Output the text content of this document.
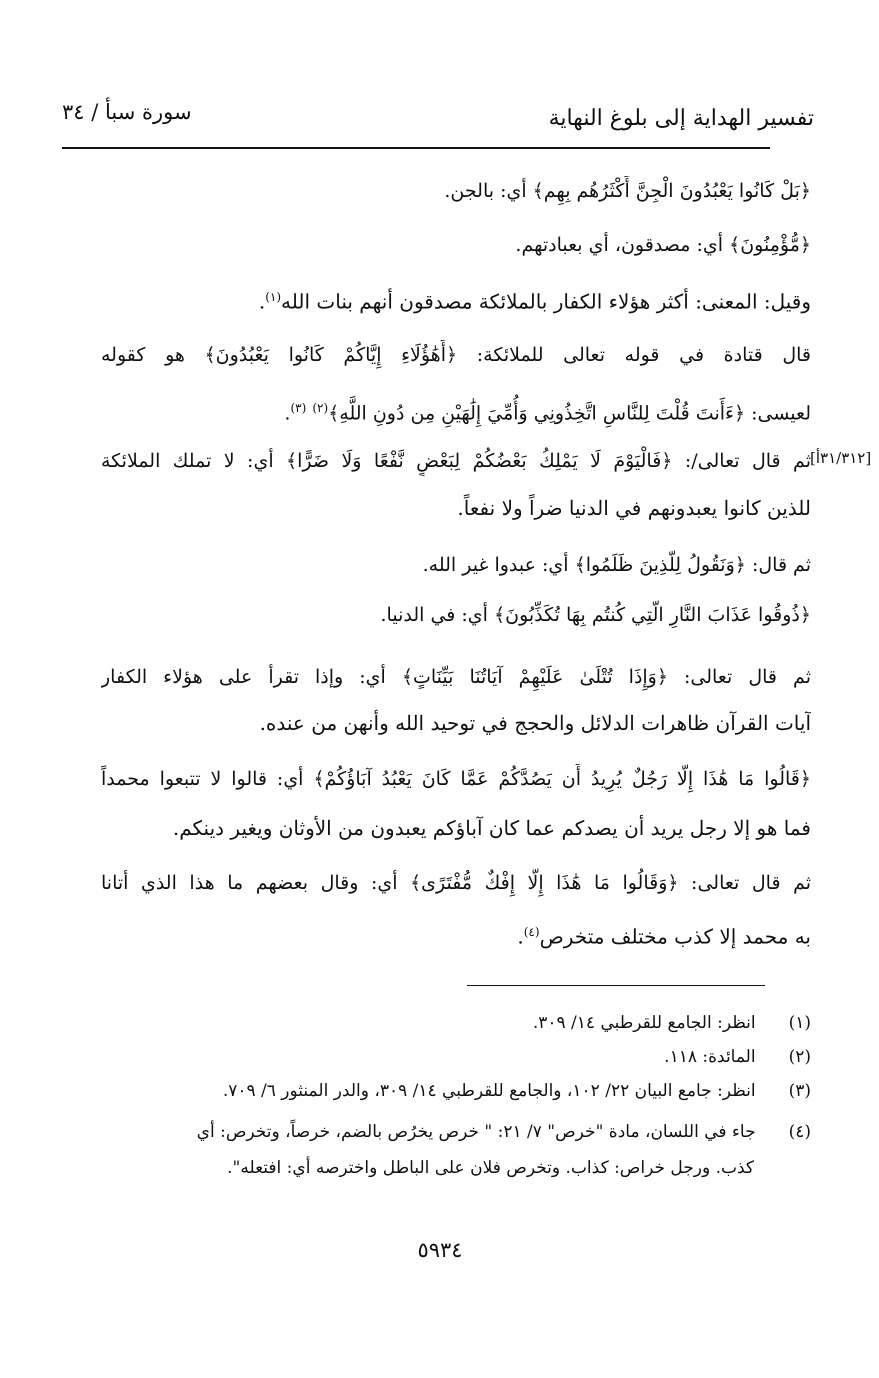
سورة سبأ / ٣٤	تفسير الهداية إلى بلوغ النهاية
[٣١/٣١٢أ]
﴿بَلْ كَانُوا يَعْبُدُونَ الْجِنَّ أَكْثَرُهُم بِهِم﴾ أي: بالجن.
﴿مُّؤْمِنُونَ﴾ أي: مصدقون، أي بعبادتهم.
وقيل: المعنى: أكثر هؤلاء الكفار بالملائكة مصدقون أنهم بنات الله$^{(١)}$.
قال قتادة في قوله تعالى للملائكة: ﴿أَهَٰؤُلَاءِ إِيَّاكُمْ كَانُوا يَعْبُدُونَ﴾ هو كقوله
لعيسى: ﴿ءَأَنتَ قُلْتَ لِلنَّاسِ اتَّخِذُونِي وَأُمِّيَ إِلَٰهَيْنِ مِن دُونِ اللَّهِ﴾$^{(٢)}$ $^{(٣)}$.
ثم قال تعالى/: ﴿فَالْيَوْمَ لَا يَمْلِكُ بَعْضُكُمْ لِبَعْضٍ نَّفْعًا وَلَا ضَرًّا﴾ أي: لا تملك الملائكة
للذين كانوا يعبدونهم في الدنيا ضراً ولا نفعاً.
ثم قال: ﴿وَنَقُولُ لِلَّذِينَ ظَلَمُوا﴾ أي: عبدوا غير الله.
﴿ذُوقُوا عَذَابَ النَّارِ الَّتِي كُنتُم بِهَا تُكَذِّبُونَ﴾ أي: في الدنيا.
ثم قال تعالى: ﴿وَإِذَا تُتْلَىٰ عَلَيْهِمْ آيَاتُنَا بَيِّنَاتٍ﴾ أي: وإذا تقرأ على هؤلاء الكفار
آيات القرآن ظاهرات الدلائل والحجج في توحيد الله وأنهن من عنده.
﴿قَالُوا مَا هَٰذَا إِلَّا رَجُلٌ يُرِيدُ أَن يَصُدَّكُمْ عَمَّا كَانَ يَعْبُدُ آبَاؤُكُمْ﴾ أي: قالوا لا تتبعوا محمداً
فما هو إلا رجل يريد أن يصدكم عما كان آباؤكم يعبدون من الأوثان ويغير دينكم.
ثم قال تعالى: ﴿وَقَالُوا مَا هَٰذَا إِلَّا إِفْكٌ مُّفْتَرًى﴾ أي: وقال بعضهم ما هذا الذي أتانا
به محمد إلا كذب مختلف متخرص$^{(٤)}$.
(١) انظر: الجامع للقرطبي ١٤/ ٣٠٩.
(٢) المائدة: ١١٨.
(٣) انظر: جامع البيان ٢٢/ ١٠٢، والجامع للقرطبي ١٤/ ٣٠٩، والدر المنثور ٦/ ٧٠٩.
(٤) جاء في اللسان، مادة "خرص" ٧/ ٢١: " خرص يخرُص بالضم، خرصاً، وتخرص: أي
كذب. ورجل خراص: كذاب. وتخرص فلان على الباطل واخترصه أي: افتعله".
٥٩٣٤
